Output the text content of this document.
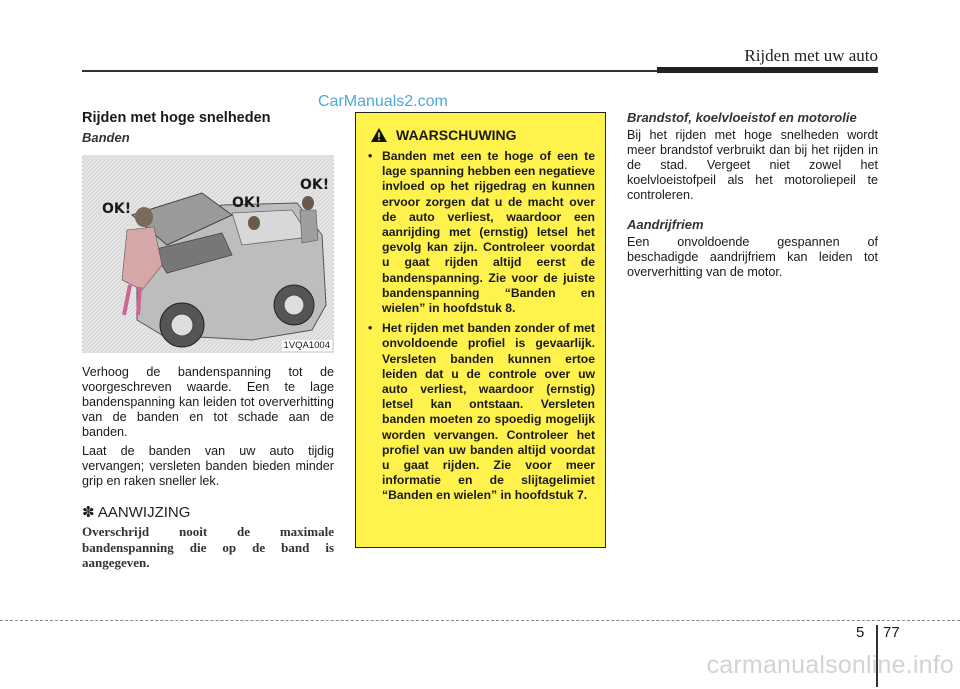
Rijden met uw auto
CarManuals2.com
Rijden met hoge snelheden
Banden
OK!	OK!
OK!
1VQA1004

Verhoog de bandenspanning tot de voorgeschreven waarde. Een te lage bandenspanning kan leiden tot oververhitting van de banden en tot schade aan de banden.

Laat de banden van uw auto tijdig vervangen; versleten banden bieden minder grip en raken sneller lek.

✽ AANWIJZING
Overschrijd nooit de maximale bandenspanning die op de band is aangegeven.
WAARSCHUWING
• Banden met een te hoge of een te lage spanning hebben een negatieve invloed op het rijgedrag en kunnen ervoor zorgen dat u de macht over de auto verliest, waardoor een aanrijding met (ernstig) letsel het gevolg kan zijn. Controleer voordat u gaat rijden altijd eerst de bandenspanning. Zie voor de juiste bandenspanning “Banden en wielen” in hoofdstuk 8.
• Het rijden met banden zonder of met onvoldoende profiel is gevaarlijk. Versleten banden kunnen ertoe leiden dat u de controle over uw auto verliest, waardoor (ernstig) letsel kan ontstaan. Versleten banden moeten zo spoedig mogelijk worden vervangen. Controleer het profiel van uw banden altijd voordat u gaat rijden. Zie voor meer informatie en de slijtagelimiet “Banden en wielen” in hoofdstuk 7.
Brandstof, koelvloeistof en motorolie

Bij het rijden met hoge snelheden wordt meer brandstof verbruikt dan bij het rijden in de stad. Vergeet niet zowel het koelvloeistofpeil als het motoroliepeil te controleren.

Aandrijfriem

Een onvoldoende gespannen of beschadigde aandrijfriem kan leiden tot oververhitting van de motor.

5 77
carmanualsonline.info
